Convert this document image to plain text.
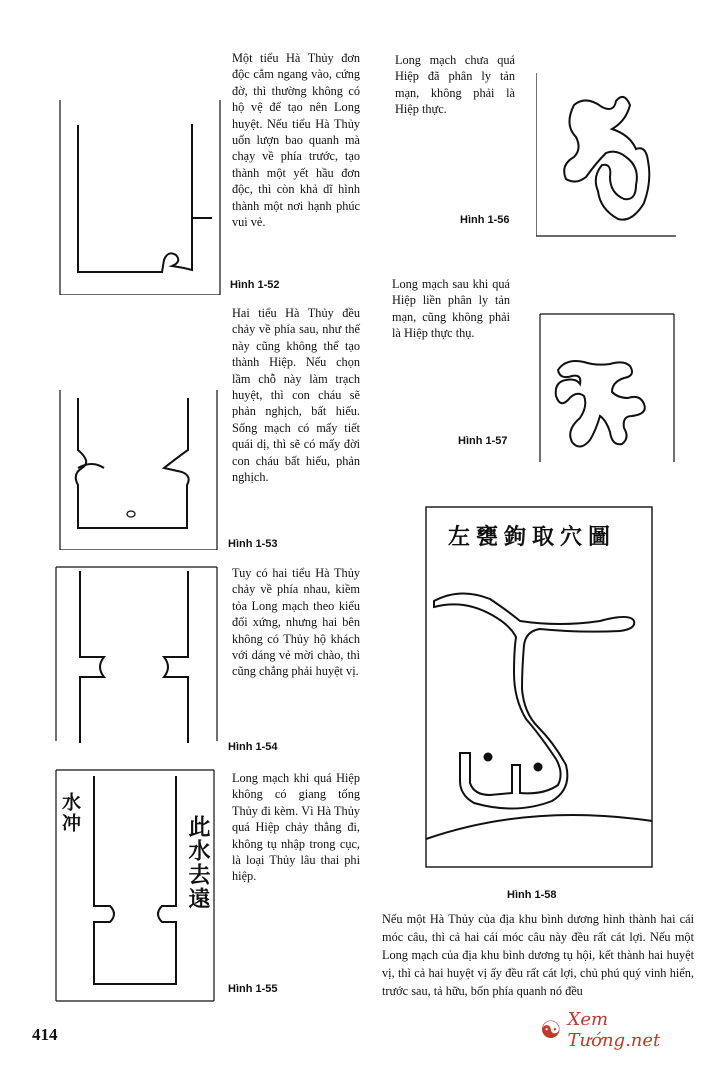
Hình 1-52
Một tiểu Hà Thủy đơn độc cắm ngang vào, cứng đờ, thì thường không có hộ vệ để tạo nên Long huyệt. Nếu tiểu Hà Thủy uốn lượn bao quanh mà chạy về phía trước, tạo thành một yết hầu đơn độc, thì còn khả dĩ hình thành một nơi hạnh phúc vui vẻ.
Hình 1-53
Hai tiểu Hà Thủy đều chảy về phía sau, như thế này cũng không thể tạo thành Hiệp. Nếu chọn lầm chỗ này làm trạch huyệt, thì con cháu sẽ phản nghịch, bất hiếu. Sống mạch có mấy tiết quái dị, thì sẽ có mấy đời con cháu bất hiếu, phản nghịch.
Hình 1-54
Tuy có hai tiểu Hà Thủy chảy về phía nhau, kiềm tỏa Long mạch theo kiểu đối xứng, nhưng hai bên không có Thủy hộ khách với dáng vẻ mời chào, thì cũng chẳng phải huyệt vị.
水冲
此水去遠
Hình 1-55
Long mạch khi quá Hiệp không có giang tống Thủy đi kèm. Vì Hà Thủy quá Hiệp chảy thẳng đi, không tụ nhập trong cục, là loại Thủy lâu thai phi hiệp.
Long mạch chưa quá Hiệp đã phân ly tản mạn, không phải là Hiệp thực.
Hình 1-56
Long mạch sau khi quá Hiệp liền phân ly tản mạn, cũng không phải là Hiệp thực thụ.
Hình 1-57
左甕鉤取穴圖
Hình 1-58
Nếu một Hà Thủy của địa khu bình dương hình thành hai cái móc câu, thì cả hai cái móc câu này đều rất cát lợi. Nếu một Long mạch của địa khu bình dương tụ hội, kết thành hai huyệt vị, thì cả hai huyệt vị ấy đều rất cát lợi, chủ phú quý vinh hiển, trước sau, tả hữu, bốn phía quanh nó đều
414	☯ Xem Tướng.net
